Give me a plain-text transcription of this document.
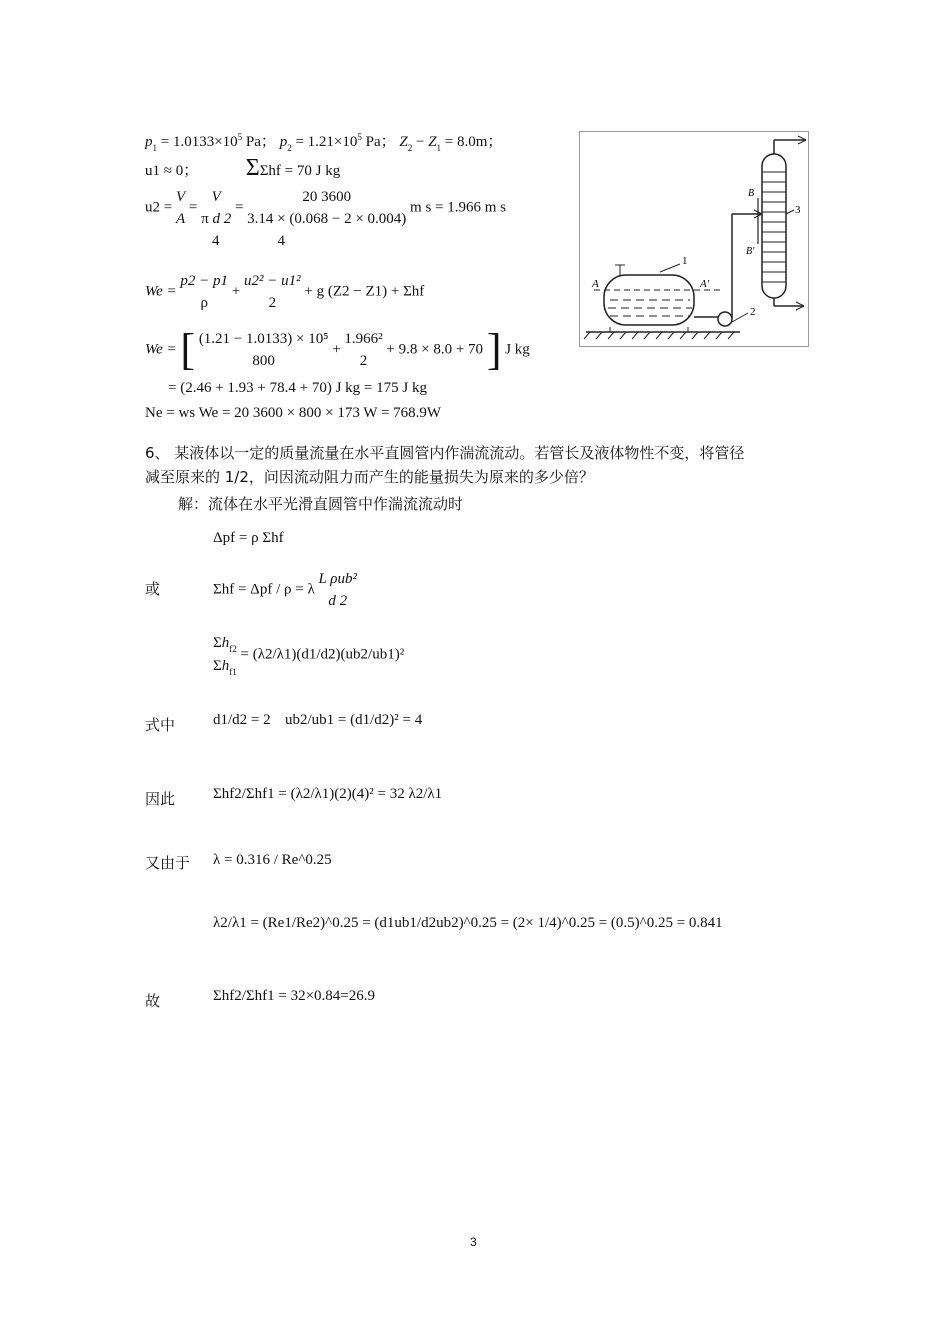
$p_1 = 1.0133\times 10^5$ Pa； $p_2 = 1.21\times 10^5$ Pa； $Z_2 - Z_1 = 8.0m$；
u1 ≈ 0； ΣΣhf = 70 J kg
u2 =
V
A
=
V
π d 2
=
20 3600
3.14 × (0.068 − 2 × 0.004)
m s = 1.966 m s
4	4
We =
p2 − p1
ρ
+
u2² − u1²
2
+ g (Z2 − Z1) + Σhf
We = [ (1.21 − 1.0133) × 10⁵
800
+
1.966²
2
+ 9.8 × 8.0 + 70 ] J kg
= (2.46 + 1.93 + 78.4 + 70) J kg = 175 J kg
Ne = ws We = 20 3600 × 800 × 173 W = 768.9W
1
A	A′
2
B
B′
3
6、 某液体以一定的质量流量在水平直圆管内作湍流流动。若管长及液体物性不变，将管径
减至原来的 1/2，问因流动阻力而产生的能量损失为原来的多少倍？
解：流体在水平光滑直圆管中作湍流流动时
Δpf = ρ Σhf
或	Σhf = Δpf / ρ = λ
L ρub²
d 2
$\Sigma h_{f2}$
$\Sigma h_{f1}$
= (λ2/λ1)(d1/d2)(ub2/ub1)²
式中	d1/d2 = 2 ub2/ub1 = (d1/d2)² = 4
因此	Σhf2/Σhf1 = (λ2/λ1)(2)(4)² = 32 λ2/λ1
又由于 λ = 0.316 / Re^0.25
λ2/λ1 = (Re1/Re2)^0.25 = (d1ub1/d2ub2)^0.25 = (2× 1/4)^0.25 = (0.5)^0.25 = 0.841
故	Σhf2/Σhf1 = 32×0.84=26.9
3
